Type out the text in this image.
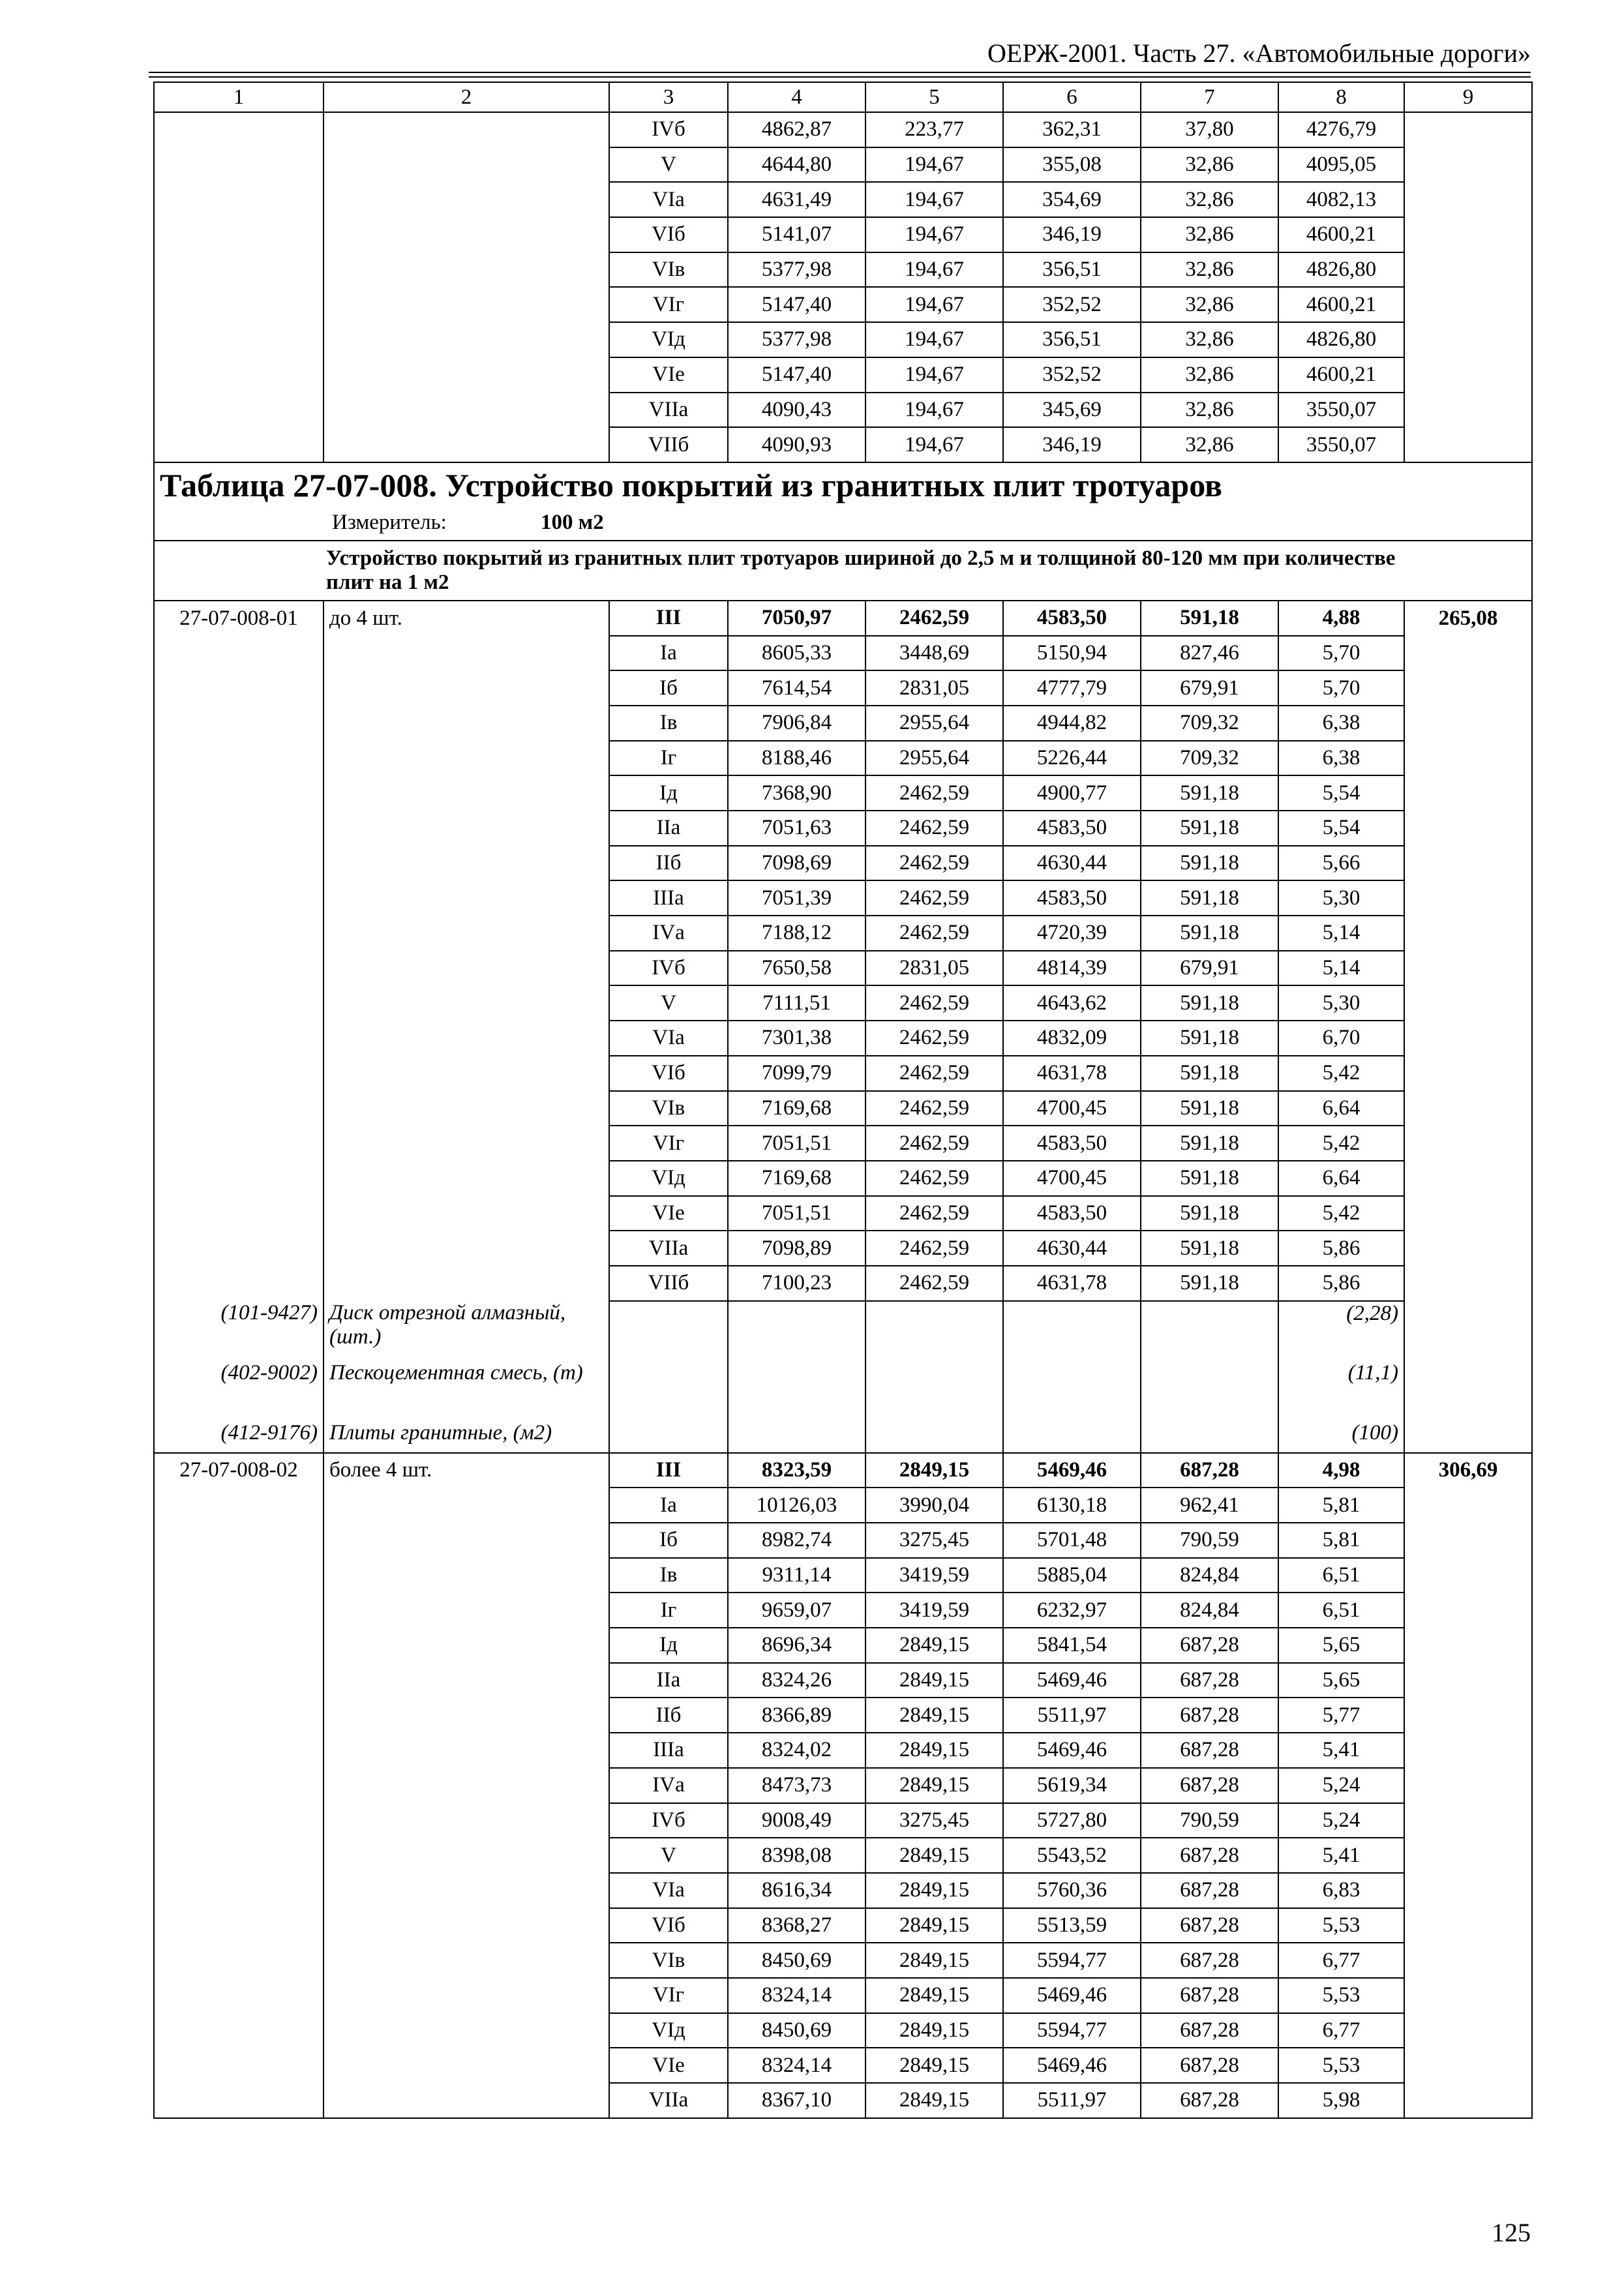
ОЕРЖ-2001. Часть 27. «Автомобильные дороги»
1	2	3	4	5	6	7	8	9
		IVб	4862,87	223,77	362,31	37,80	4276,79	
		V	4644,80	194,67	355,08	32,86	4095,05	
		VIа	4631,49	194,67	354,69	32,86	4082,13	
		VIб	5141,07	194,67	346,19	32,86	4600,21	
		VIв	5377,98	194,67	356,51	32,86	4826,80	
		VIг	5147,40	194,67	352,52	32,86	4600,21	
		VIд	5377,98	194,67	356,51	32,86	4826,80	
		VIе	5147,40	194,67	352,52	32,86	4600,21	
		VIIа	4090,43	194,67	345,69	32,86	3550,07	
		VIIб	4090,93	194,67	346,19	32,86	3550,07	
Таблица 27-07-008. Устройство покрытий из гранитных плит тротуаров								
Измеритель: 100 м2								

Устройство покрытий из гранитных плит тротуаров шириной до 2,5 м и толщиной 80-120 мм при количестве плит на 1 м2								

27-07-008-01	до 4 шт.	III	7050,97	2462,59	4583,50	591,18	4,88	265,08
		Iа	8605,33	3448,69	5150,94	827,46	5,70	
		Iб	7614,54	2831,05	4777,79	679,91	5,70	
		Iв	7906,84	2955,64	4944,82	709,32	6,38	
		Iг	8188,46	2955,64	5226,44	709,32	6,38	
		Iд	7368,90	2462,59	4900,77	591,18	5,54	
		IIа	7051,63	2462,59	4583,50	591,18	5,54	
		IIб	7098,69	2462,59	4630,44	591,18	5,66	
		IIIа	7051,39	2462,59	4583,50	591,18	5,30	
		IVа	7188,12	2462,59	4720,39	591,18	5,14	
		IVб	7650,58	2831,05	4814,39	679,91	5,14	
		V	7111,51	2462,59	4643,62	591,18	5,30	
		VIа	7301,38	2462,59	4832,09	591,18	6,70	
		VIб	7099,79	2462,59	4631,78	591,18	5,42	
		VIв	7169,68	2462,59	4700,45	591,18	6,64	
		VIг	7051,51	2462,59	4583,50	591,18	5,42	
		VIд	7169,68	2462,59	4700,45	591,18	6,64	
		VIе	7051,51	2462,59	4583,50	591,18	5,42	
		VIIа	7098,89	2462,59	4630,44	591,18	5,86	
		VIIб	7100,23	2462,59	4631,78	591,18	5,86	
(101-9427)	Диск отрезной алмазный, (шт.)						(2,28)	
(402-9002)	Пескоцементная смесь, (т)						(11,1)	
(412-9176)	Плиты гранитные, (м2)						(100)	
27-07-008-02	более 4 шт.	III	8323,59	2849,15	5469,46	687,28	4,98	306,69
		Iа	10126,03	3990,04	6130,18	962,41	5,81	
		Iб	8982,74	3275,45	5701,48	790,59	5,81	
		Iв	9311,14	3419,59	5885,04	824,84	6,51	
		Iг	9659,07	3419,59	6232,97	824,84	6,51	
		Iд	8696,34	2849,15	5841,54	687,28	5,65	
		IIа	8324,26	2849,15	5469,46	687,28	5,65	
		IIб	8366,89	2849,15	5511,97	687,28	5,77	
		IIIа	8324,02	2849,15	5469,46	687,28	5,41	
		IVа	8473,73	2849,15	5619,34	687,28	5,24	
		IVб	9008,49	3275,45	5727,80	790,59	5,24	
		V	8398,08	2849,15	5543,52	687,28	5,41	
		VIа	8616,34	2849,15	5760,36	687,28	6,83	
		VIб	8368,27	2849,15	5513,59	687,28	5,53	
		VIв	8450,69	2849,15	5594,77	687,28	6,77	
		VIг	8324,14	2849,15	5469,46	687,28	5,53	
		VIд	8450,69	2849,15	5594,77	687,28	6,77	
		VIе	8324,14	2849,15	5469,46	687,28	5,53	
		VIIа	8367,10	2849,15	5511,97	687,28	5,98	
125
